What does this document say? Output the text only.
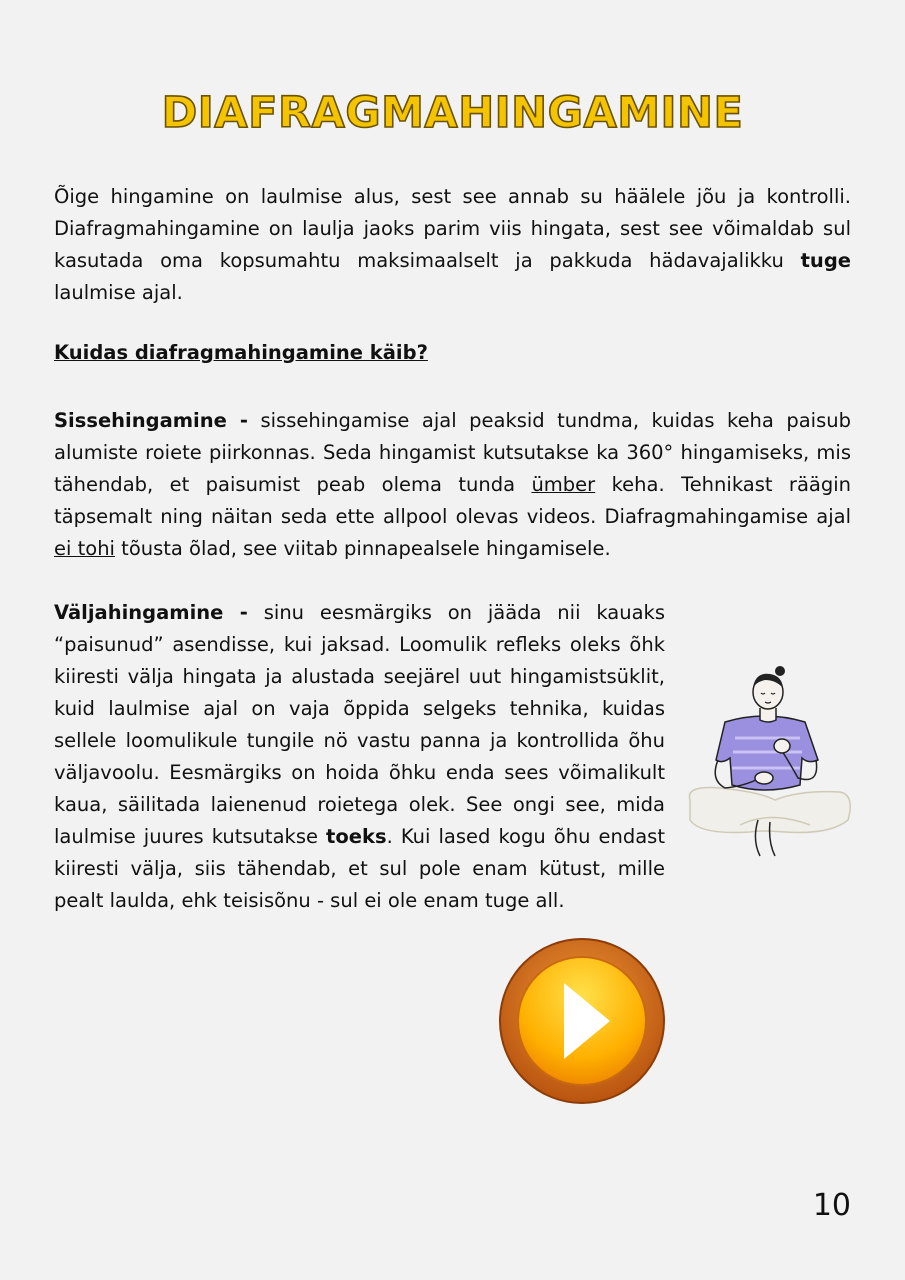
DIAFRAGMAHINGAMINE

Õige hingamine on laulmise alus, sest see annab su häälele jõu ja kontrolli. Diafragmahingamine on laulja jaoks parim viis hingata, sest see võimaldab sul kasutada oma kopsumahtu maksimaalselt ja pakkuda hädavajalikku tuge laulmise ajal.

Kuidas diafragmahingamine käib?

Sissehingamine - sissehingamise ajal peaksid tundma, kuidas keha paisub alumiste roiete piirkonnas. Seda hingamist kutsutakse ka 360° hingamiseks, mis tähendab, et paisumist peab olema tunda ümber keha. Tehnikast räägin täpsemalt ning näitan seda ette allpool olevas videos. Diafragmahingamise ajal ei tohi tõusta õlad, see viitab pinnapealsele hingamisele.

Väljahingamine - sinu eesmärgiks on jääda nii kauaks “paisunud” asendisse, kui jaksad. Loomulik refleks oleks õhk kiiresti välja hingata ja alustada seejärel uut hingamistsüklit, kuid laulmise ajal on vaja õppida selgeks tehnika, kuidas sellele loomulikule tungile nö vastu panna ja kontrollida õhu väljavoolu. Eesmärgiks on hoida õhku enda sees võimalikult kaua, säilitada laienenud roietega olek. See ongi see, mida laulmise juures kutsutakse toeks. Kui lased kogu õhu endast kiiresti välja, siis tähendab, et sul pole enam kütust, mille pealt laulda, ehk teisisõnu - sul ei ole enam tuge all.

10
